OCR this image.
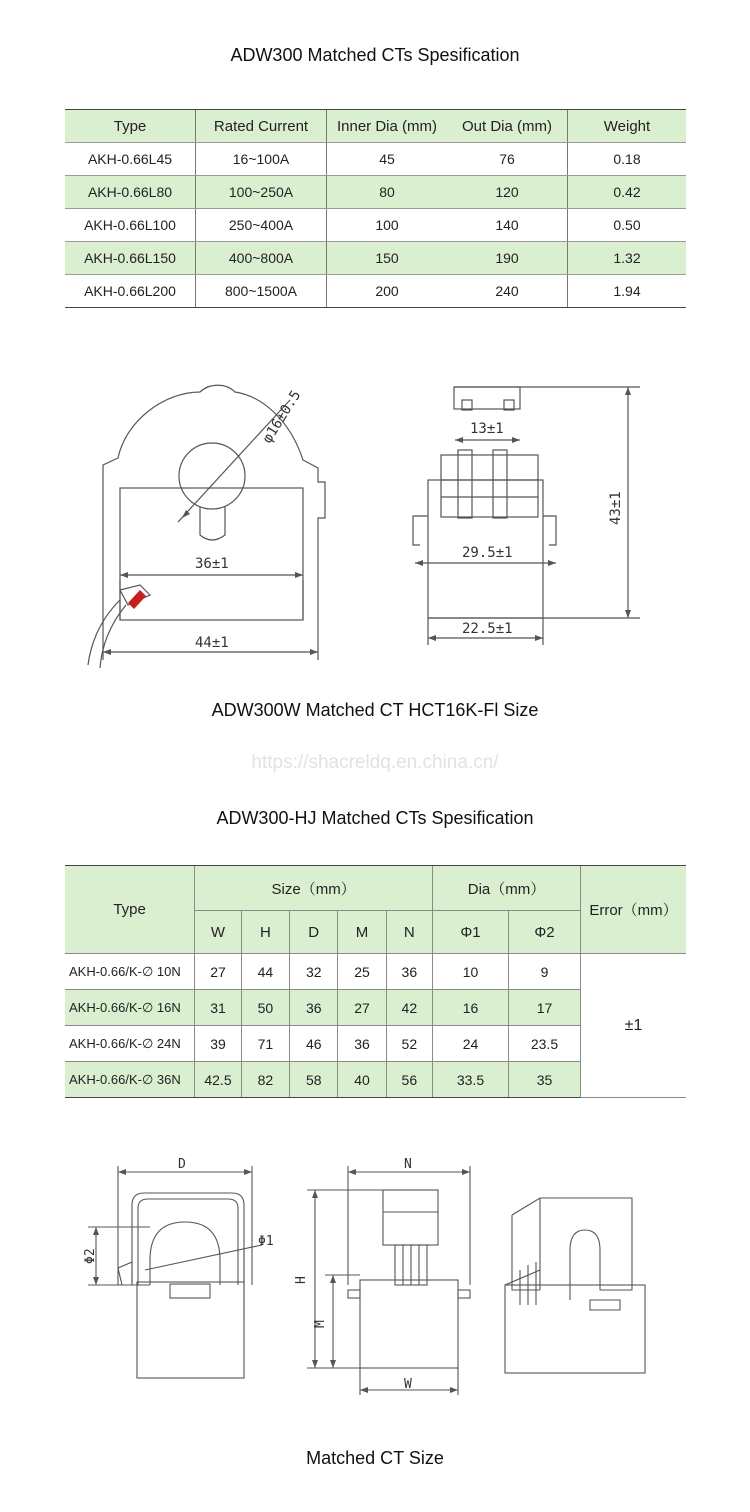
ADW300 Matched CTs Spesification
Type	Rated Current	Inner Dia (mm)	Out Dia (mm)	Weight
AKH-0.66L45	16~100A	45	76	0.18
AKH-0.66L80	100~250A	80	120	0.42
AKH-0.66L100	250~400A	100	140	0.50
AKH-0.66L150	400~800A	150	190	1.32
AKH-0.66L200	800~1500A	200	240	1.94
φ16±0.5
36±1
44±1
13±1
29.5±1
22.5±1
43±1
ADW300W Matched CT HCT16K-Fl Size
https://shacreldq.en.china.cn/
ADW300-HJ Matched CTs Spesification
Type	Size（mm）					Dia（mm）		Error（mm）
	W	H	D	M	N	Φ1	Φ2	
AKH-0.66/K-∅ 10N	27	44	32	25	36	10	9	±1
AKH-0.66/K-∅ 16N	31	50	36	27	42	16	17	
AKH-0.66/K-∅ 24N	39	71	46	36	52	24	23.5	
AKH-0.66/K-∅ 36N	42.5	82	58	40	56	33.5	35	
D
Φ2
Φ1
N
H
M
W
Matched CT Size
